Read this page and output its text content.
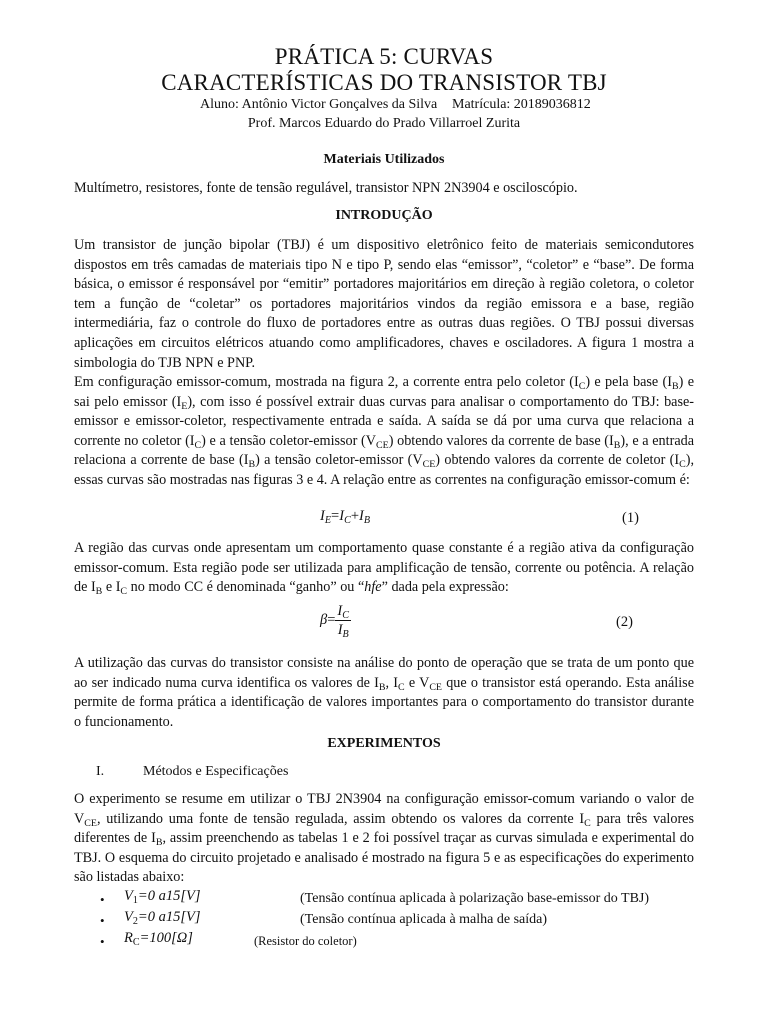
PRÁTICA 5: CURVAS
CARACTERÍSTICAS DO TRANSISTOR TBJ
Aluno: Antônio Victor Gonçalves da Silva Matrícula: 20189036812
Prof. Marcos Eduardo do Prado Villarroel Zurita
Materiais Utilizados
Multímetro, resistores, fonte de tensão regulável, transistor NPN 2N3904 e osciloscópio.
INTRODUÇÃO

Um transistor de junção bipolar (TBJ) é um dispositivo eletrônico feito de materiais semicondutores dispostos em três camadas de materiais tipo N e tipo P, sendo elas “emissor”, “coletor” e “base”. De forma básica, o emissor é responsável por “emitir” portadores majoritários em direção à região coletora, o coletor tem a função de “coletar” os portadores majoritários vindos da região emissora e a base, região intermediária, faz o controle do fluxo de portadores entre as outras duas regiões. O TBJ possui diversas aplicações em circuitos elétricos atuando como amplificadores, chaves e osciladores. A figura 1 mostra a simbologia do TJB NPN e PNP.

Em configuração emissor-comum, mostrada na figura 2, a corrente entra pelo coletor $(I_C)$ e pela base $(I_B)$ e sai pelo emissor $(I_E)$, com isso é possível extrair duas curvas para analisar o comportamento do TBJ: base-emissor e emissor-coletor, respectivamente entrada e saída. A saída se dá por uma curva que relaciona a corrente no coletor $(I_C)$ e a tensão coletor-emissor $(V_{CE})$ obtendo valores da corrente de base $(I_B)$, e a entrada relaciona a corrente de base $(I_B)$ a tensão coletor-emissor $(V_{CE})$ obtendo valores da corrente de coletor $(I_C)$, essas curvas são mostradas nas figuras 3 e 4. A relação entre as correntes na configuração emissor-comum é:

$I_E=I_C+I_B$	(1)

A região das curvas onde apresentam um comportamento quase constante é a região ativa da configuração emissor-comum. Esta região pode ser utilizada para amplificação de tensão, corrente ou potência. A relação de $I_B$ e $I_C$ no modo CC é denominada “ganho” ou “hfe” dada pela expressão:

$\beta= \frac{I_C}{I_B}$	(2)

A utilização das curvas do transistor consiste na análise do ponto de operação que se trata de um ponto que ao ser indicado numa curva identifica os valores de $I_B$, $I_C$ e $V_{CE}$ que o transistor está operando. Esta análise permite de forma prática a identificação de valores importantes para o comportamento do transistor durante o funcionamento.

EXPERIMENTOS
I.	Métodos e Especificações

O experimento se resume em utilizar o TBJ 2N3904 na configuração emissor-comum variando o valor de $V_{CE}$, utilizando uma fonte de tensão regulada, assim obtendo os valores da corrente $I_C$ para três valores diferentes de $I_B$, assim preenchendo as tabelas 1 e 2 foi possível traçar as curvas simulada e experimental do TBJ. O esquema do circuito projetado e analisado é mostrado na figura 5 e as especificações do experimento são listadas abaixo:

• $V_1=0$ a15[V]	(Tensão contínua aplicada à polarização base-emissor do TBJ)
• $V_2=0$ a15[V]	(Tensão contínua aplicada à malha de saída)
• $R_C=100[\Omega]$	(Resistor do coletor)
